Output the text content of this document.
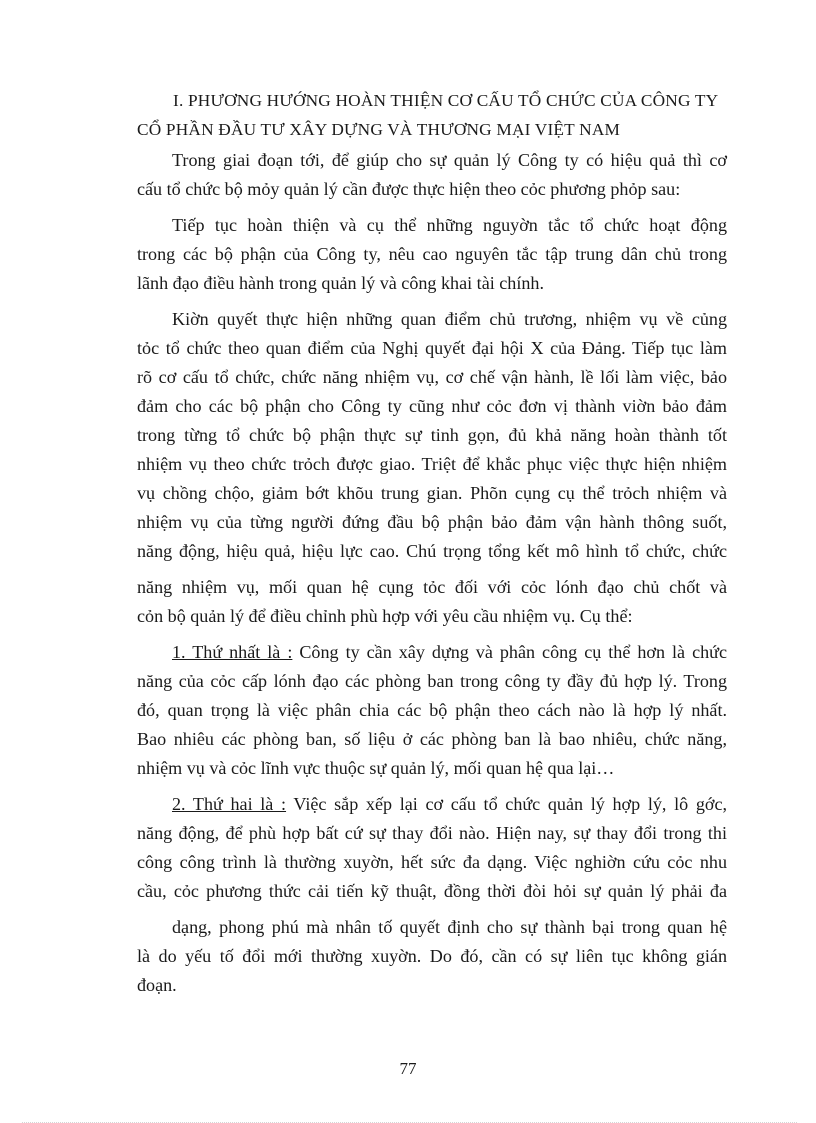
I. PHƯƠNG HƯỚNG HOÀN THIỆN CƠ CẤU TỔ CHỨC CỦA CÔNG TY
CỔ PHẦN ĐẦU TƯ XÂY DỰNG VÀ THƯƠNG MẠI VIỆT NAM

Trong giai đoạn tới, để giúp cho sự quản lý Công ty có hiệu quả thì cơ
cấu tổ chức bộ mỏy quản lý cần được thực hiện theo cỏc phương phỏp sau:

Tiếp tục hoàn thiện và cụ thể những nguyờn tắc tổ chức hoạt động
trong các bộ phận của Công ty, nêu cao nguyên tắc tập trung dân chủ trong
lãnh đạo điều hành trong quản lý và công khai tài chính.

Kiờn quyết thực hiện những quan điểm chủ trương, nhiệm vụ về củng
tỏc tổ chức theo quan điểm của Nghị quyết đại hội X của Đảng. Tiếp tục làm
rõ cơ cấu tổ chức, chức năng nhiệm vụ, cơ chế vận hành, lề lối làm việc, bảo
đảm cho các bộ phận cho Công ty cũng như cỏc đơn vị thành viờn bảo đảm
trong từng tổ chức bộ phận thực sự tinh gọn, đủ khả năng hoàn thành tốt
nhiệm vụ theo chức trỏch được giao. Triệt để khắc phục việc thực hiện nhiệm
vụ chồng chộo, giảm bớt khõu trung gian. Phõn cụng cụ thể trỏch nhiệm và
nhiệm vụ của từng người đứng đầu bộ phận bảo đảm vận hành thông suốt,
năng động, hiệu quả, hiệu lực cao. Chú trọng tổng kết mô hình tổ chức, chức
năng nhiệm vụ, mối quan hệ cụng tỏc đối với cỏc lónh đạo chủ chốt và
cỏn bộ quản lý để điều chỉnh phù hợp với yêu cầu nhiệm vụ. Cụ thể:

1. Thứ nhất là : Công ty cần xây dựng và phân công cụ thể hơn là chức
năng của cỏc cấp lónh đạo các phòng ban trong công ty đầy đủ hợp lý. Trong
đó, quan trọng là việc phân chia các bộ phận theo cách nào là hợp lý nhất.
Bao nhiêu các phòng ban, số liệu ở các phòng ban là bao nhiêu, chức năng,
nhiệm vụ và cỏc lĩnh vực thuộc sự quản lý, mối quan hệ qua lại…

2. Thứ hai là : Việc sắp xếp lại cơ cấu tổ chức quản lý hợp lý, lô gớc,
năng động, để phù hợp bất cứ sự thay đổi nào. Hiện nay, sự thay đổi trong thi
công công trình là thường xuyờn, hết sức đa dạng. Việc nghiờn cứu cỏc nhu
cầu, cỏc phương thức cải tiến kỹ thuật, đồng thời đòi hỏi sự quản lý phải đa
dạng, phong phú mà nhân tố quyết định cho sự thành bại trong quan hệ
là do yếu tố đổi mới thường xuyờn. Do đó, cần có sự liên tục không gián
đoạn.

77
